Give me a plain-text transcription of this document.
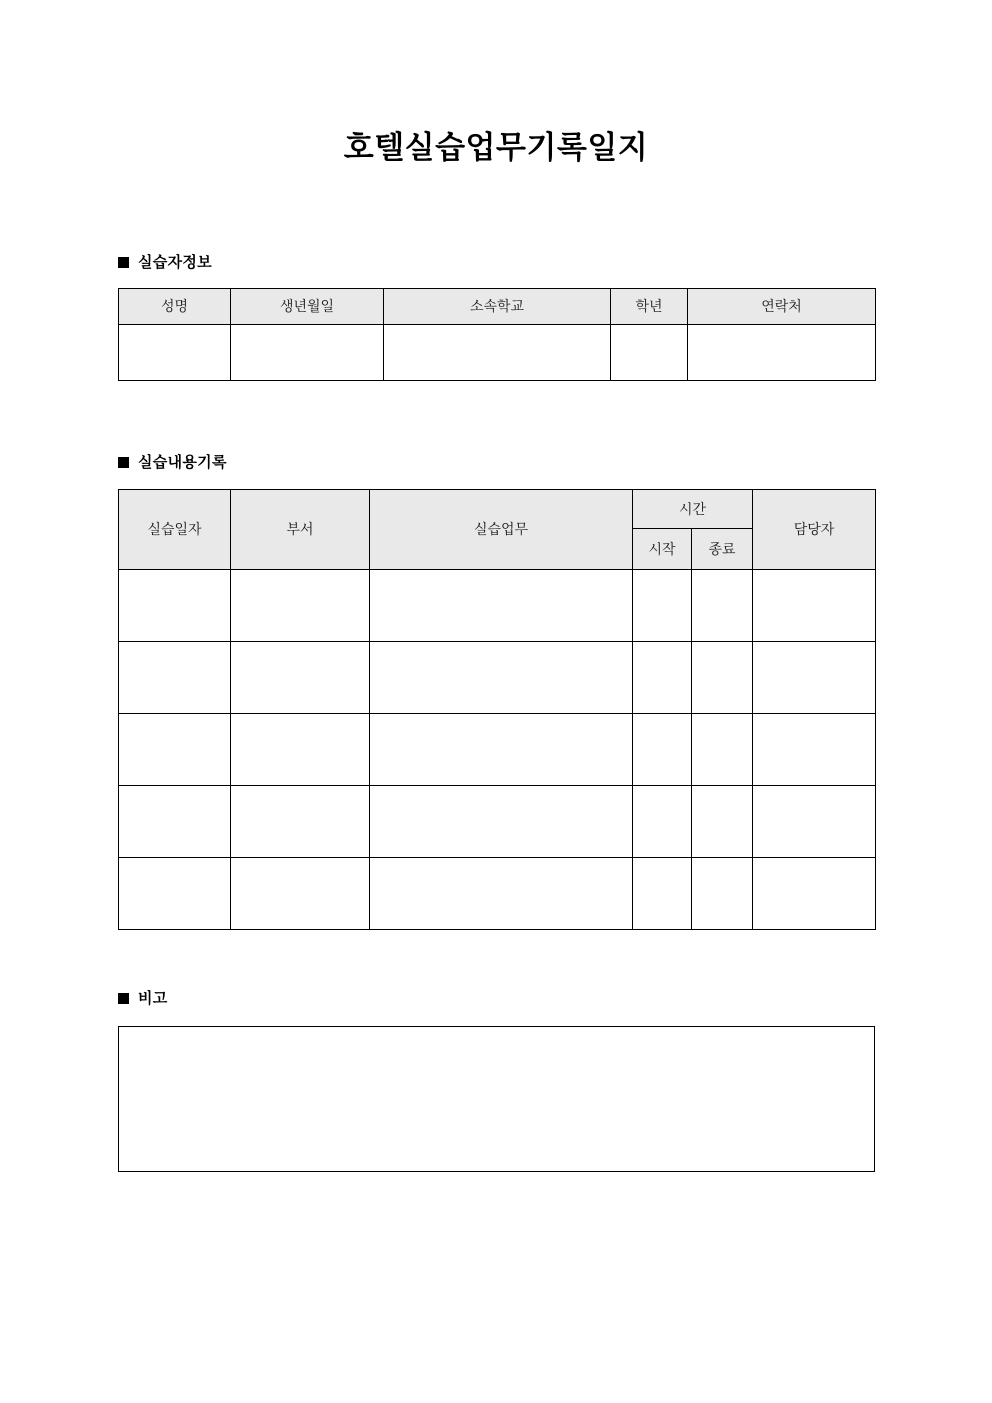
호텔실습업무기록일지
실습자정보
성명	생년월일	소속학교	학년	연락처

실습내용기록
실습일자	부서	실습업무	시간		담당자
			시작	종료	

비고
